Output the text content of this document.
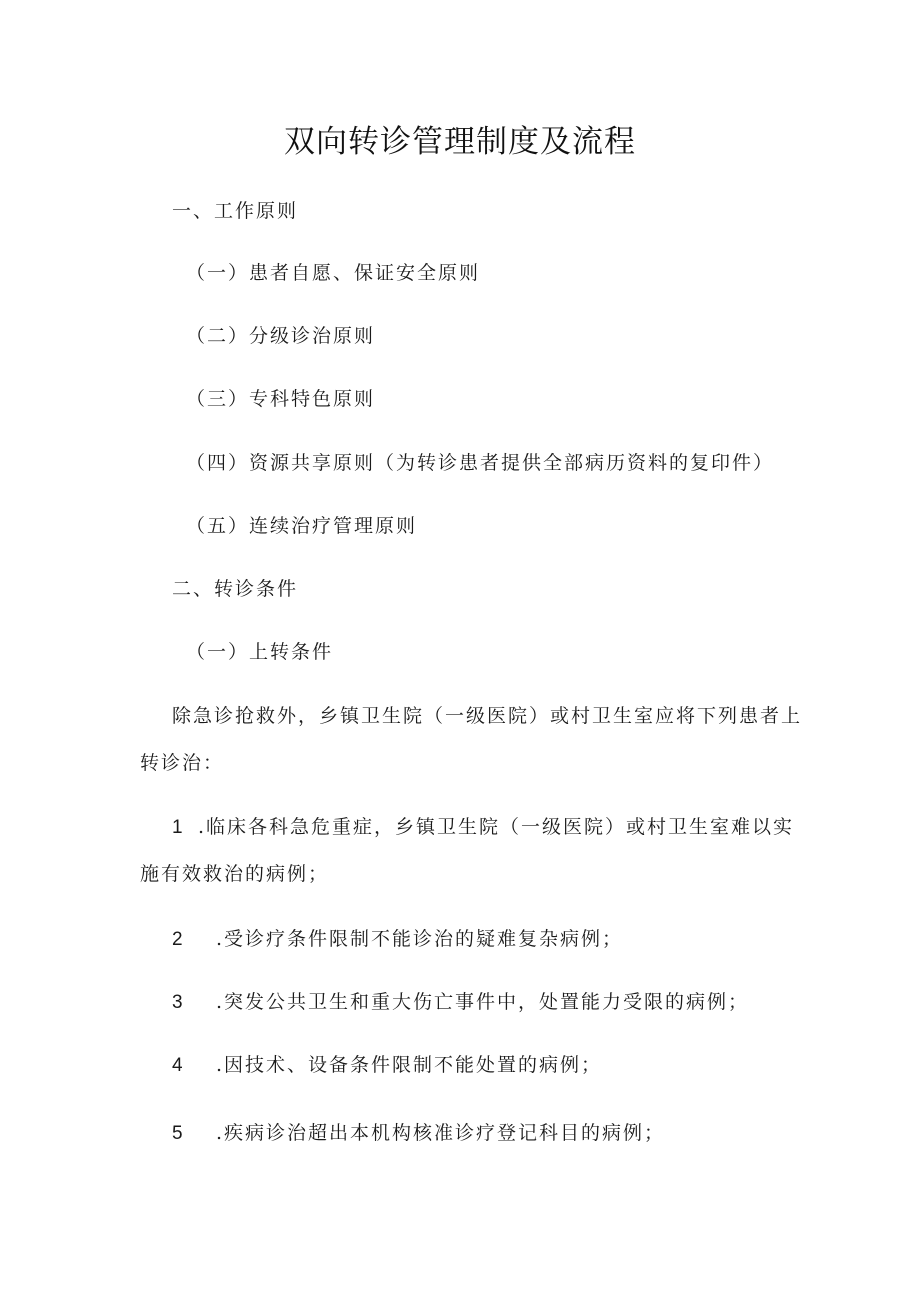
双向转诊管理制度及流程
一、工作原则
（一）患者自愿、保证安全原则
（二）分级诊治原则
（三）专科特色原则
（四）资源共享原则（为转诊患者提供全部病历资料的复印件）
（五）连续治疗管理原则
二、转诊条件
（一）上转条件
除急诊抢救外，乡镇卫生院（一级医院）或村卫生室应将下列患者上
转诊治：
1 .临床各科急危重症，乡镇卫生院（一级医院）或村卫生室难以实
施有效救治的病例；
2 .受诊疗条件限制不能诊治的疑难复杂病例；
3 .突发公共卫生和重大伤亡事件中，处置能力受限的病例；
4 .因技术、设备条件限制不能处置的病例；
5 .疾病诊治超出本机构核准诊疗登记科目的病例；
